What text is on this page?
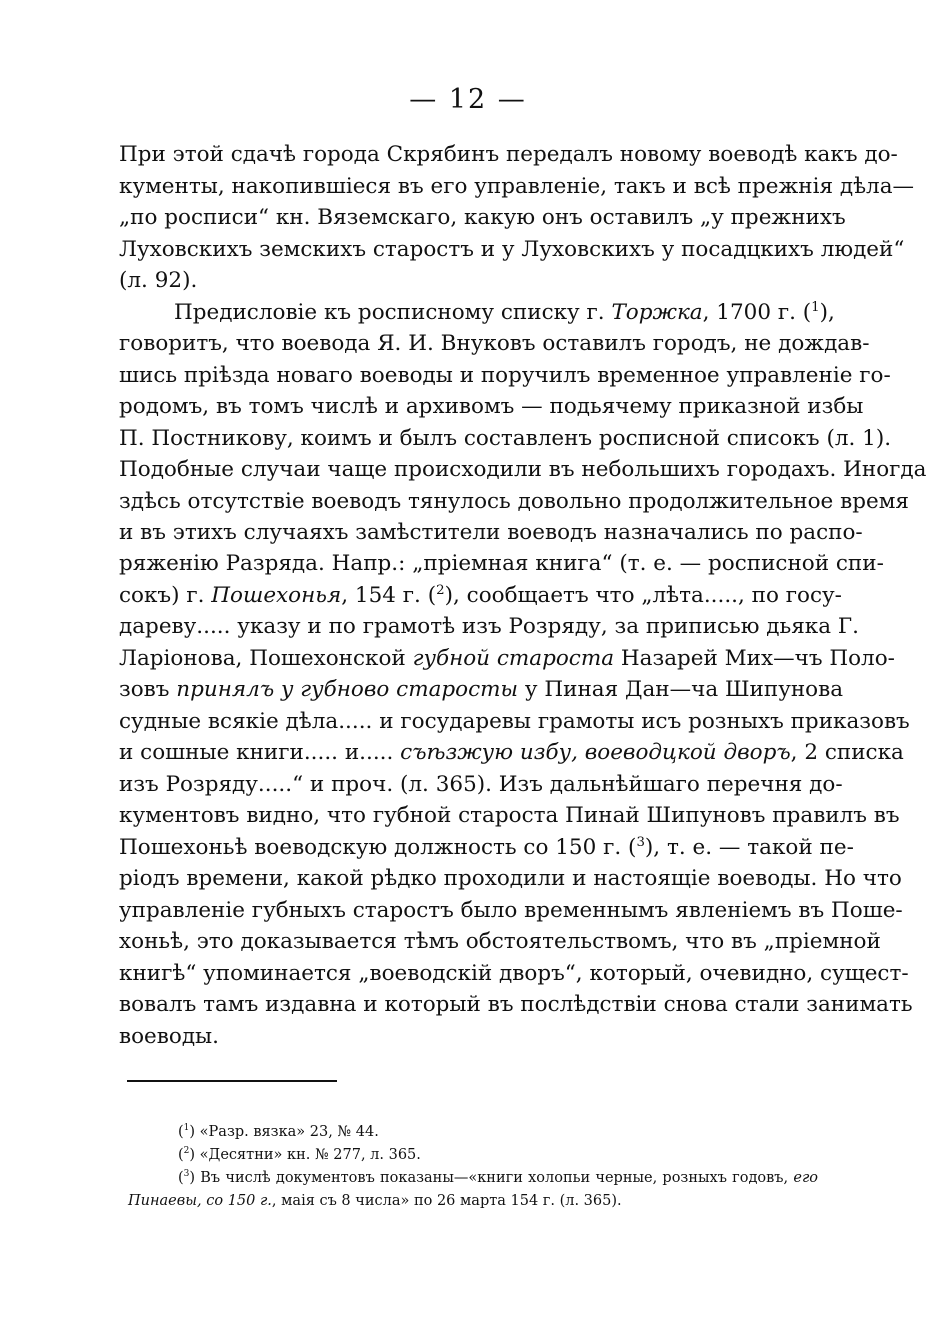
— 12 —
При этой сдачѣ города Скрябинъ передалъ новому воеводѣ какъ до-
кументы, накопившіеся въ его управленіе, такъ и всѣ прежнія дѣла—
„по росписи“ кн. Вяземскаго, какую онъ оставилъ „у прежнихъ
Луховскихъ земскихъ старостъ и у Луховскихъ у посадцкихъ людей“
(л. 92).
Предисловіе къ росписному списку г. Торжка, 1700 г. ($^1$),
говоритъ, что воевода Я. И. Внуковъ оставилъ городъ, не дождав-
шись пріѣзда новаго воеводы и поручилъ временное управленіе го-
родомъ, въ томъ числѣ и архивомъ — подьячему приказной избы
П. Постникову, коимъ и былъ составленъ росписной списокъ (л. 1).
Подобные случаи чаще происходили въ небольшихъ городахъ. Иногда
здѣсь отсутствіе воеводъ тянулось довольно продолжительное время
и въ этихъ случаяхъ замѣстители воеводъ назначались по распо-
ряженію Разряда. Напр.: „пріемная книга“ (т. е. — росписной спи-
сокъ) г. Пошехонья, 154 г. ($^2$), сообщаетъ что „лѣта....., по госу-
дареву..... указу и по грамотѣ изъ Розряду, за приписью дьяка Г.
Ларіонова, Пошехонской губной староста Назарей Мих—чъ Поло-
зовъ принялъ у губново старосты у Пиная Дан—ча Шипунова
судные всякіе дѣла..... и государевы грамоты исъ розныхъ приказовъ
и сошные книги..... и..... съѣзжую избу, воеводцкой дворъ, 2 списка
изъ Розряду.....“ и проч. (л. 365). Изъ дальнѣйшаго перечня до-
кументовъ видно, что губной староста Пинай Шипуновъ правилъ въ
Пошехоньѣ воеводскую должность со 150 г. ($^3$), т. е. — такой пе-
ріодъ времени, какой рѣдко проходили и настоящіе воеводы. Но что
управленіе губныхъ старостъ было временнымъ явленіемъ въ Поше-
хоньѣ, это доказывается тѣмъ обстоятельствомъ, что въ „пріемной
книгѣ“ упоминается „воеводскій дворъ“, который, очевидно, сущест-
вовалъ тамъ издавна и который въ послѣдствіи снова стали занимать
воеводы.
($^1$) «Разр. вязка» 23, № 44.
($^2$) «Десятни» кн. № 277, л. 365.
($^3$) Въ числѣ документовъ показаны—«книги холопьи черные, розныхъ годовъ, его
Пинаевы, со 150 г., маія съ 8 числа» по 26 марта 154 г. (л. 365).
